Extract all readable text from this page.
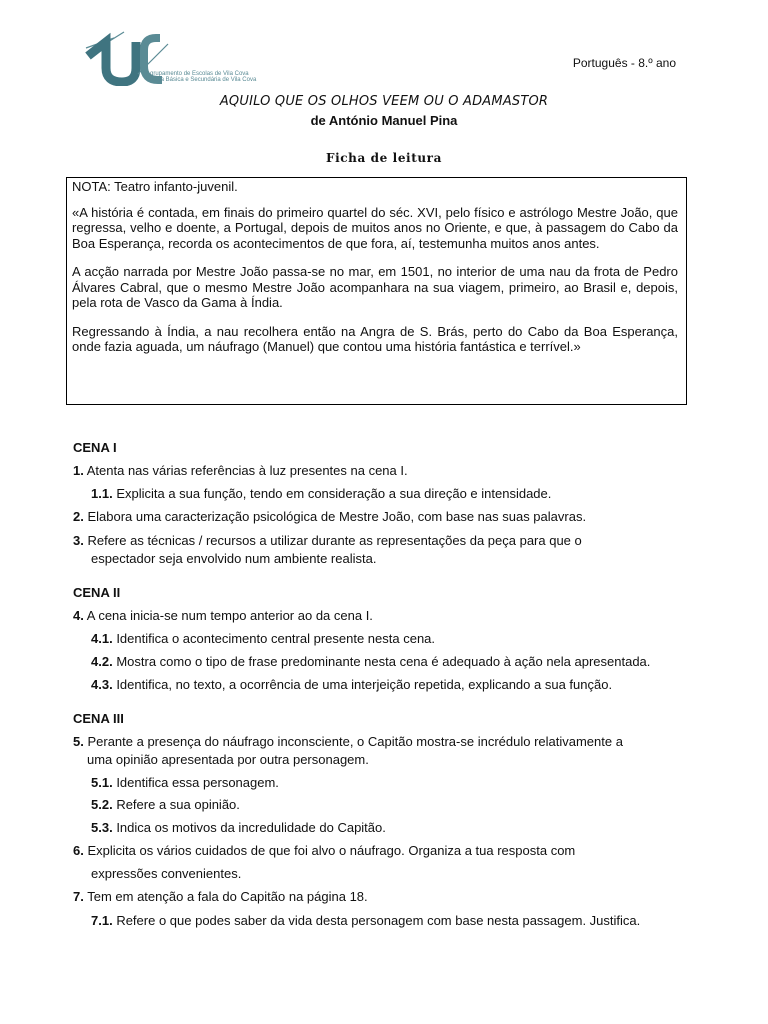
Agrupamento de Escolas de Vila Cova
Escola Básica e Secundária de Vila Cova
Português - 8.º ano
AQUILO QUE OS OLHOS VEEM OU O ADAMASTOR
de António Manuel Pina
Ficha de leitura

NOTA: Teatro infanto-juvenil.

«A história é contada, em finais do primeiro quartel do séc. XVI, pelo físico e astrólogo Mestre João, que regressa, velho e doente, a Portugal, depois de muitos anos no Oriente, e que, à passagem do Cabo da Boa Esperança, recorda os acontecimentos de que fora, aí, testemunha muitos anos antes.

A acção narrada por Mestre João passa-se no mar, em 1501, no interior de uma nau da frota de Pedro Álvares Cabral, que o mesmo Mestre João acompanhara na sua viagem, primeiro, ao Brasil e, depois, pela rota de Vasco da Gama à Índia.

Regressando à Índia, a nau recolhera então na Angra de S. Brás, perto do Cabo da Boa Esperança, onde fazia aguada, um náufrago (Manuel) que contou uma história fantástica e terrível.»

CENA I
1. Atenta nas várias referências à luz presentes na cena I.
1.1. Explicita a sua função, tendo em consideração a sua direção e intensidade.
2. Elabora uma caracterização psicológica de Mestre João, com base nas suas palavras.
3. Refere as técnicas / recursos a utilizar durante as representações da peça para que o
espectador seja envolvido num ambiente realista.
CENA II
4. A cena inicia-se num tempo anterior ao da cena I.
4.1. Identifica o acontecimento central presente nesta cena.
4.2. Mostra como o tipo de frase predominante nesta cena é adequado à ação nela apresentada.
4.3. Identifica, no texto, a ocorrência de uma interjeição repetida, explicando a sua função.
CENA III
5. Perante a presença do náufrago inconsciente, o Capitão mostra-se incrédulo relativamente a
uma opinião apresentada por outra personagem.
5.1. Identifica essa personagem.
5.2. Refere a sua opinião.
5.3. Indica os motivos da incredulidade do Capitão.
6. Explicita os vários cuidados de que foi alvo o náufrago. Organiza a tua resposta com
expressões convenientes.
7. Tem em atenção a fala do Capitão na página 18.
7.1. Refere o que podes saber da vida desta personagem com base nesta passagem. Justifica.
